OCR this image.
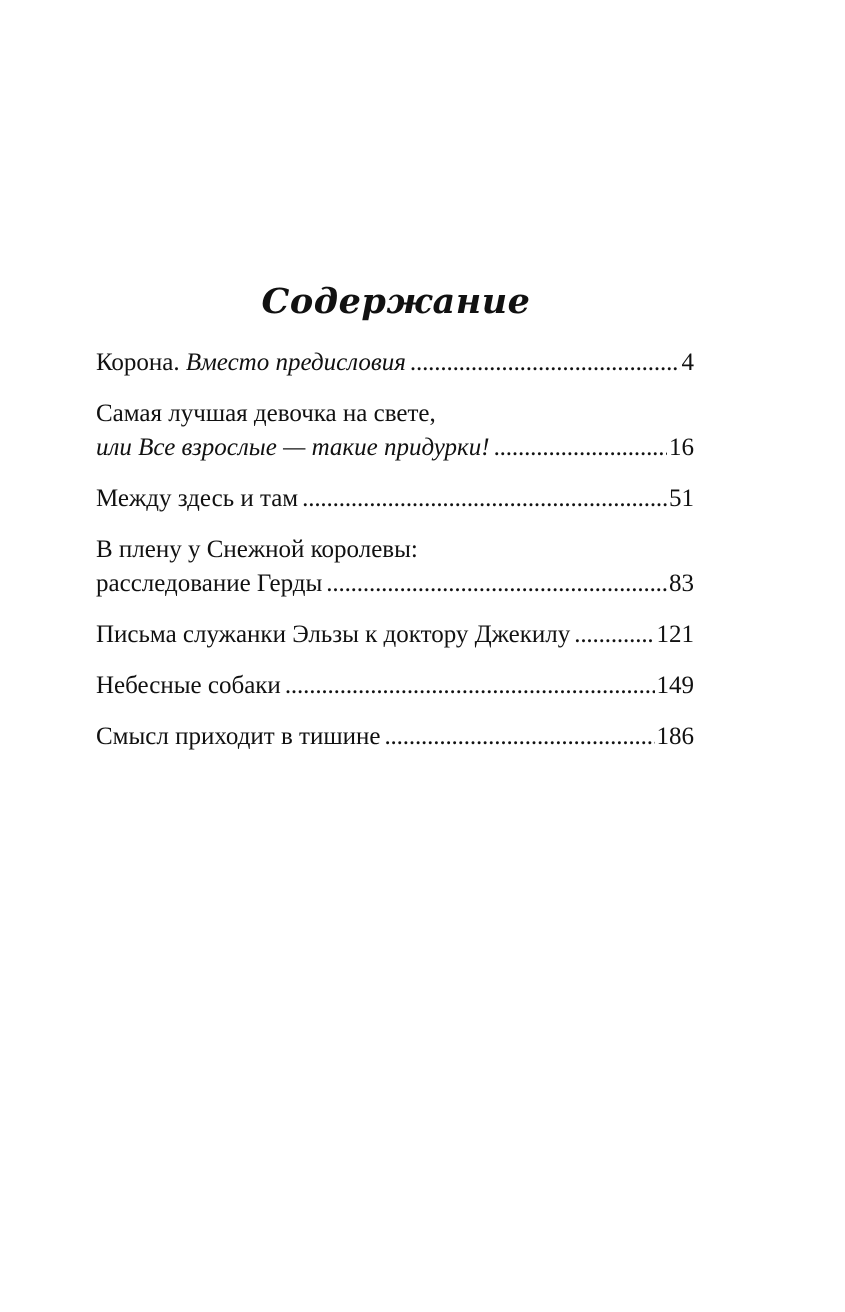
Содержание
Корона. Вместо предисловия . . .	4
Самая лучшая девочка на свете,
или Все взрослые — такие придурки! . . .	16
Между здесь и там . . .	51
В плену у Снежной королевы:
расследование Герды . . .	83
Письма служанки Эльзы к доктору Джекилу . . .	121
Небесные собаки . . .	149
Смысл приходит в тишине . . .	186
